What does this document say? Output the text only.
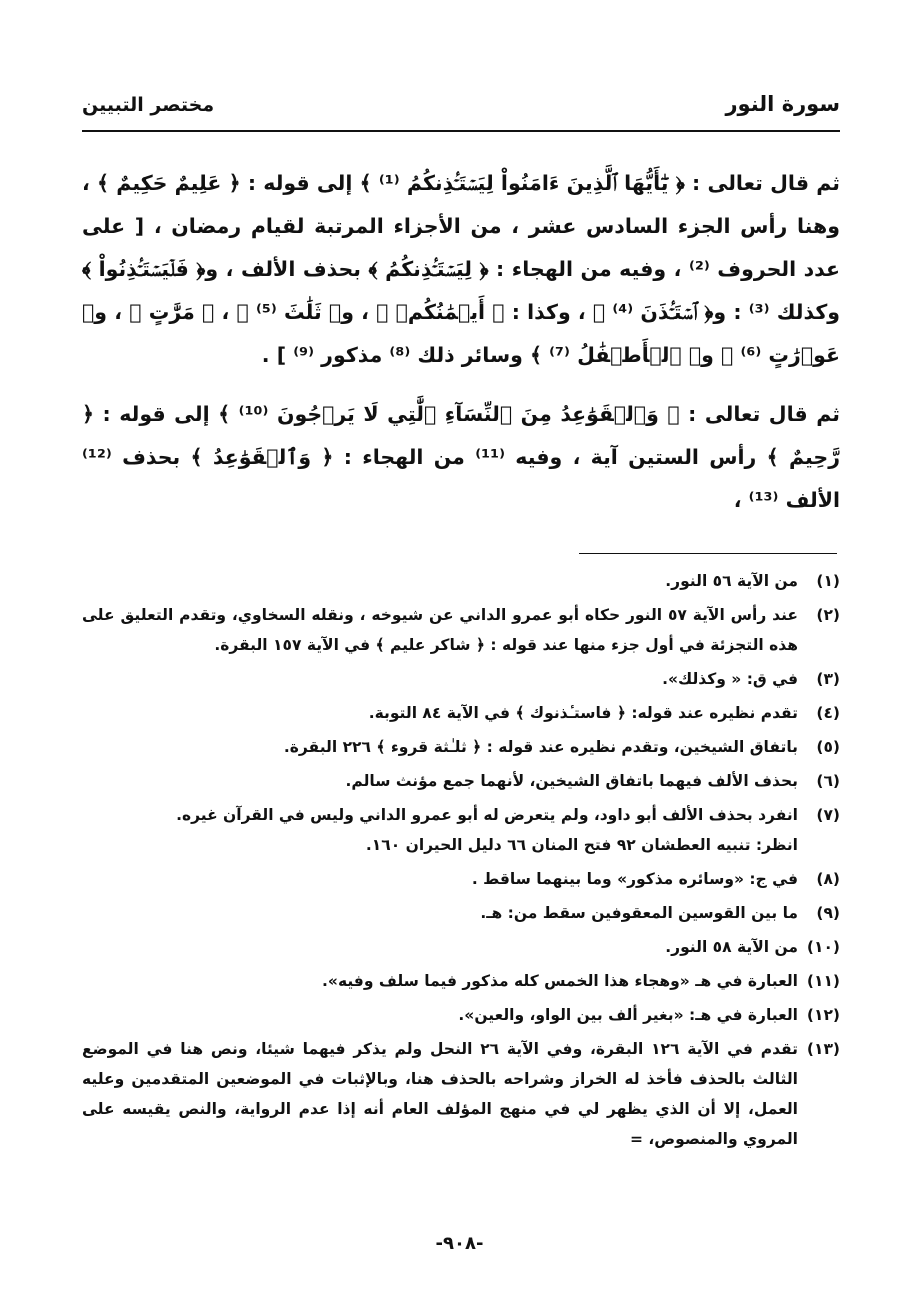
سورة النور
مختصر التبيين

ثم قال تعالى : ﴿ يَٰٓأَيُّهَا ٱلَّذِينَ ءَامَنُواْ لِيَسۡتَـٔۡذِنكُمُ ⁽¹⁾ ﴾ إلى قوله : ﴿ عَلِيمٌ حَكِيمٌ ﴾ ، وهنا رأس الجزء السادس عشر ، من الأجزاء المرتبة لقيام رمضان ، [ على عدد الحروف ⁽²⁾ ، وفيه من الهجاء : ﴿ لِيَسۡتَـٔۡذِنكُمُ ﴾ بحذف الألف ، و﴿ فَلۡيَسۡتَـٔۡذِنُواْ ﴾ وكذلك ⁽³⁾ : و﴿ ٱسۡتَـٔۡذَنَ ⁽⁴⁾ ﴾ ، وكذا : ﴿ أَيۡمَٰنُكُمۡ ﴾ ، و﴿ ثَلَٰثَ ⁽⁵⁾ ﴾ ، ﴿ مَرَّٰتٍ ﴾ ، و﴿ عَوۡرَٰتٍ ⁽⁶⁾ ﴾ و﴿ ٱلۡأَطۡفَٰلُ ⁽⁷⁾ ﴾ وسائر ذلك ⁽⁸⁾ مذكور ⁽⁹⁾ ] .

ثم قال تعالى : ﴿ وَٱلۡقَوَٰعِدُ مِنَ ٱلنِّسَآءِ ٱلَّٰتِي لَا يَرۡجُونَ ⁽¹⁰⁾ ﴾ إلى قوله : ﴿ رَّحِيمٌ ﴾ رأس الستين آية ، وفيه ⁽¹¹⁾ من الهجاء : ﴿ وَٱلۡقَوَٰعِدُ ﴾ بحذف ⁽¹²⁾ الألف ⁽¹³⁾ ،

(١)
من الآية ٥٦ النور.
(٢)
عند رأس الآية ٥٧ النور حكاه أبو عمرو الداني عن شيوخه ، ونقله السخاوي، وتقدم التعليق على هذه التجزئة في أول جزء منها عند قوله : ﴿ شاكر عليم ﴾ في الآية ١٥٧ البقرة.
(٣)
في ق: « وكذلك».
(٤)
تقدم نظيره عند قوله: ﴿ فاستـٔذنوك ﴾ في الآية ٨٤ التوبة.
(٥)
باتفاق الشيخين، وتقدم نظيره عند قوله : ﴿ ثلـٰثة قروء ﴾ ٢٢٦ البقرة.
(٦)
بحذف الألف فيهما باتفاق الشيخين، لأنهما جمع مؤنث سالم.
(٧)
انفرد بحذف الألف أبو داود، ولم يتعرض له أبو عمرو الداني وليس في القرآن غيره.
انظر: تنبيه العطشان ٩٢ فتح المنان ٦٦ دليل الحيران ١٦٠.
(٨)
في ج: «وسائره مذكور» وما بينهما ساقط .
(٩)
ما بين القوسين المعقوفين سقط من: هـ.
(١٠)
من الآية ٥٨ النور.
(١١)
العبارة في هـ «وهجاء هذا الخمس كله مذكور فيما سلف وفيه».
(١٢)
العبارة في هـ: «بغير ألف بين الواو، والعين».
(١٣)
تقدم في الآية ١٢٦ البقرة، وفي الآية ٢٦ النحل ولم يذكر فيهما شيئا، ونص هنا في الموضع الثالث بالحذف فأخذ له الخراز وشراحه بالحذف هنا، وبالإثبات في الموضعين المتقدمين وعليه العمل، إلا أن الذي يظهر لي في منهج المؤلف العام أنه إذا عدم الرواية، والنص يقيسه على المروي والمنصوص، =
-٩٠٨-
